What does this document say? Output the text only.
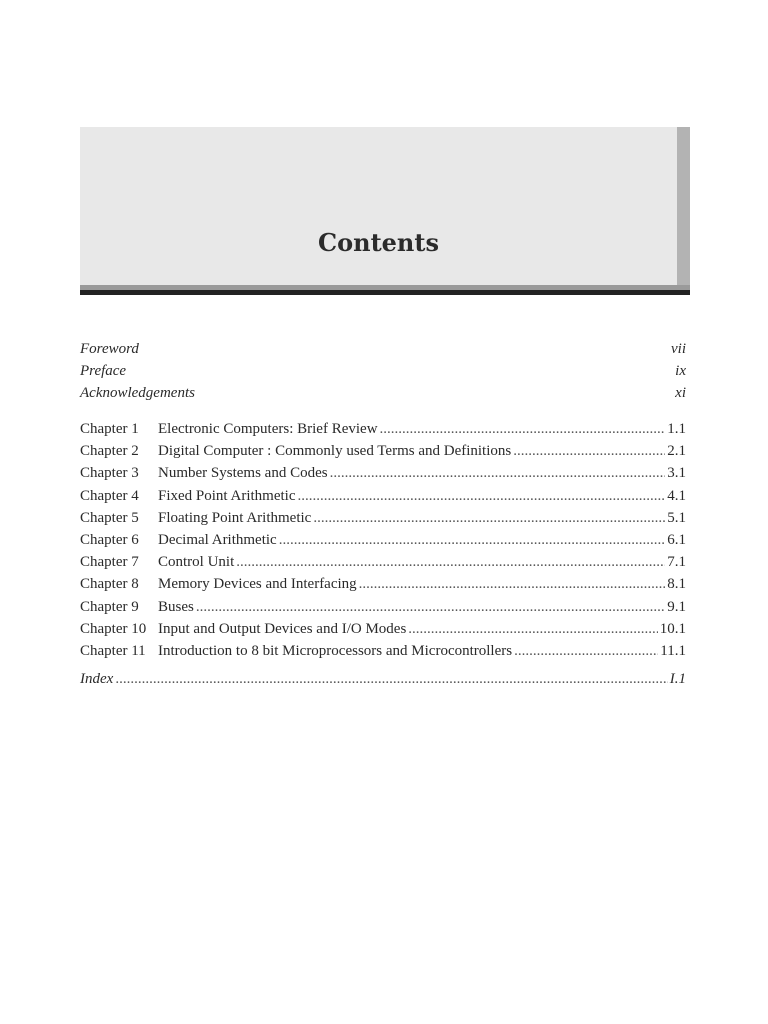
Contents
Foreword	vii
Preface	ix
Acknowledgements	xi
Chapter 1	Electronic Computers: Brief Review .....	1.1
Chapter 2	Digital Computer : Commonly used Terms and Definitions .....	2.1
Chapter 3	Number Systems and Codes .....	3.1
Chapter 4	Fixed Point Arithmetic .....	4.1
Chapter 5	Floating Point Arithmetic .....	5.1
Chapter 6	Decimal Arithmetic .....	6.1
Chapter 7	Control Unit .....	7.1
Chapter 8	Memory Devices and Interfacing .....	8.1
Chapter 9	Buses .....	9.1
Chapter 10 Input and Output Devices and I/O Modes .....	10.1
Chapter 11 Introduction to 8 bit Microprocessors and Microcontrollers .....	11.1
Index .....	I.1
